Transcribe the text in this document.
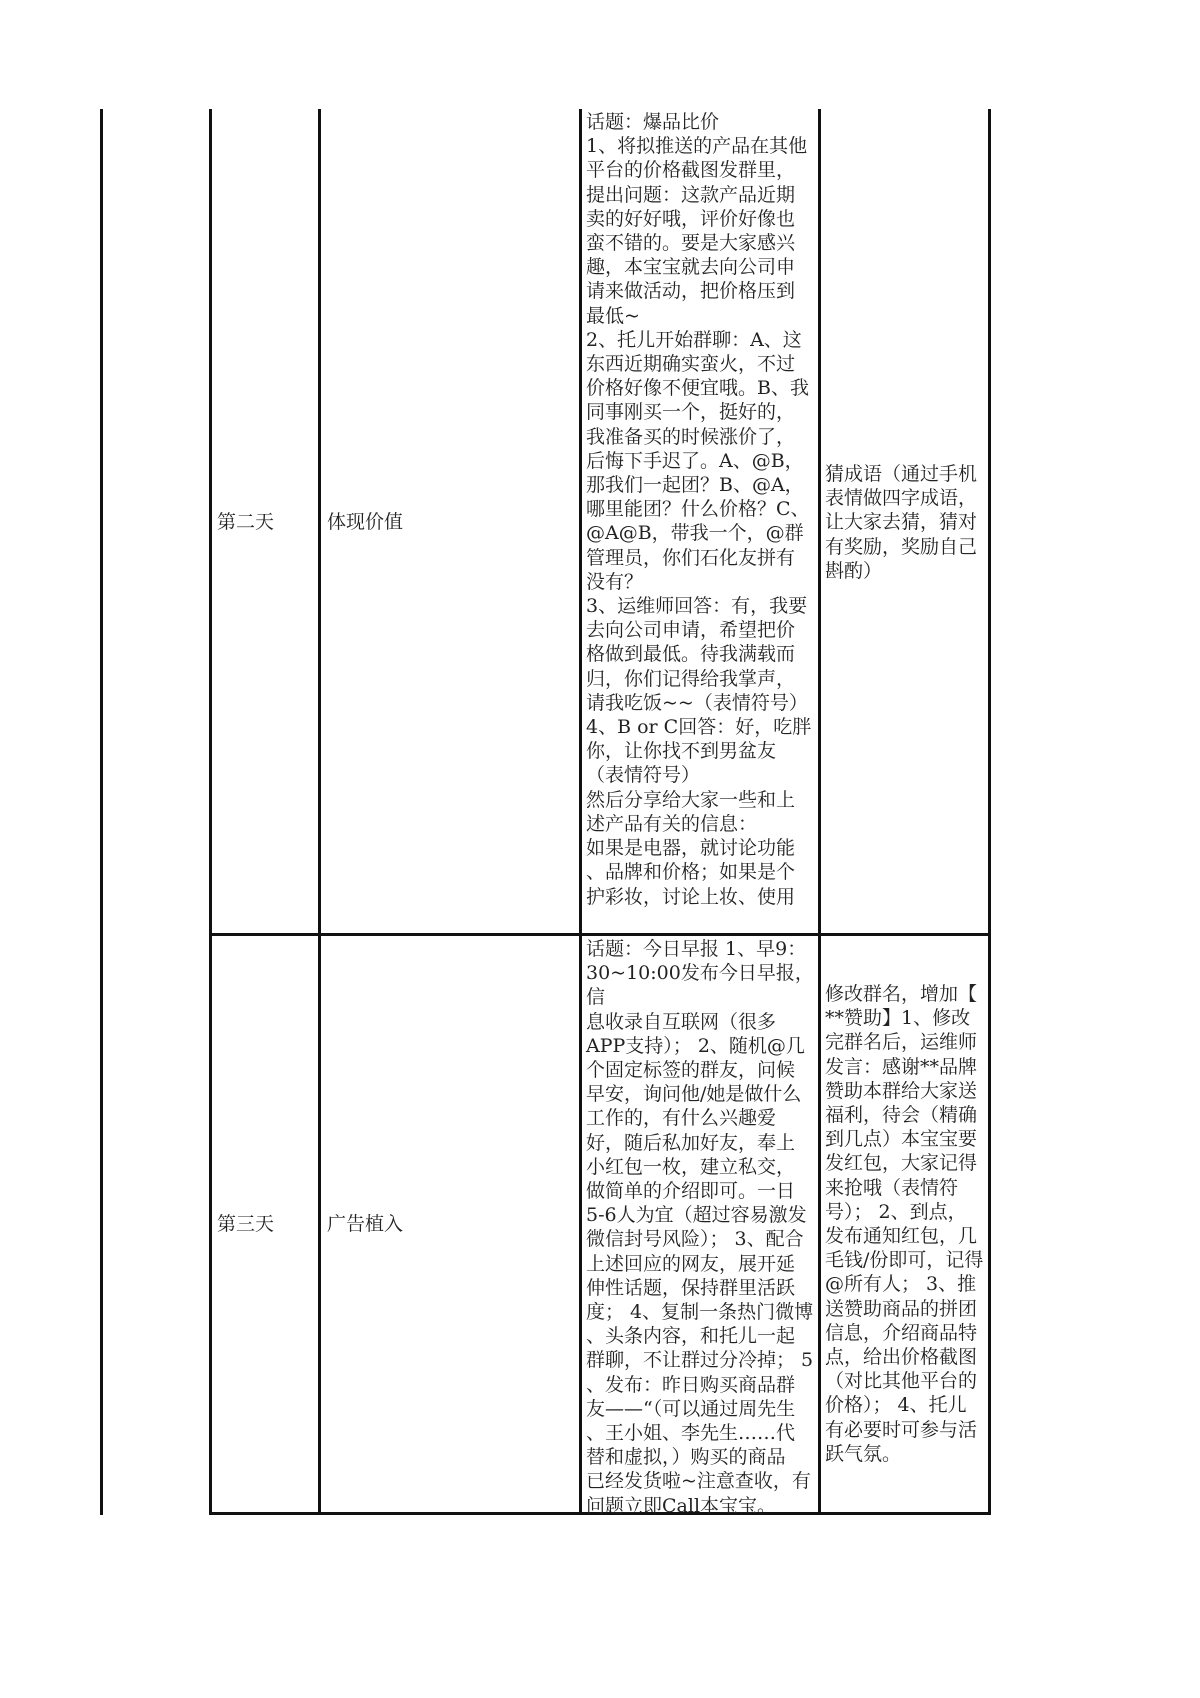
第二天	体现价值
话题：爆品比价
1、将拟推送的产品在其他
平台的价格截图发群里，
提出问题：这款产品近期
卖的好好哦，评价好像也
蛮不错的。要是大家感兴
趣，本宝宝就去向公司申
请来做活动，把价格压到
最低~
2、托儿开始群聊：A、这
东西近期确实蛮火，不过
价格好像不便宜哦。B、我
同事刚买一个，挺好的，
我准备买的时候涨价了，
后悔下手迟了。A、@B，
那我们一起团？B、@A，
哪里能团？什么价格？C、
@A@B，带我一个，@群
管理员，你们石化友拼有
没有？
3、运维师回答：有，我要
去向公司申请，希望把价
格做到最低。待我满载而
归，你们记得给我掌声，
请我吃饭~~（表情符号）
4、B or C回答：好，吃胖
你，让你找不到男盆友
（表情符号）
然后分享给大家一些和上
述产品有关的信息：
如果是电器，就讨论功能
、品牌和价格；如果是个
护彩妆，讨论上妆、使用
猜成语（通过手机
表情做四字成语，
让大家去猜，猜对
有奖励，奖励自己
斟酌）
第三天	广告植入
话题：今日早报 1、早9：
30~10:00发布今日早报，信
息收录自互联网（很多
APP支持）； 2、随机@几
个固定标签的群友，问候
早安，询问他/她是做什么
工作的，有什么兴趣爱
好，随后私加好友，奉上
小红包一枚，建立私交，
做简单的介绍即可。一日
5-6人为宜（超过容易激发
微信封号风险）； 3、配合
上述回应的网友，展开延
伸性话题，保持群里活跃
度； 4、复制一条热门微博
、头条内容，和托儿一起
群聊，不让群过分冷掉； 5
、发布：昨日购买商品群
友——“（可以通过周先生
、王小姐、李先生……代
替和虚拟，）购买的商品
已经发货啦~注意查收，有
问题立即Call本宝宝。
修改群名，增加【
**赞助】1、修改
完群名后，运维师
发言：感谢**品牌
赞助本群给大家送
福利，待会（精确
到几点）本宝宝要
发红包，大家记得
来抢哦（表情符
号）； 2、到点，
发布通知红包，几
毛钱/份即可，记得
@所有人； 3、推
送赞助商品的拼团
信息，介绍商品特
点，给出价格截图
（对比其他平台的
价格）； 4、托儿
有必要时可参与活
跃气氛。
